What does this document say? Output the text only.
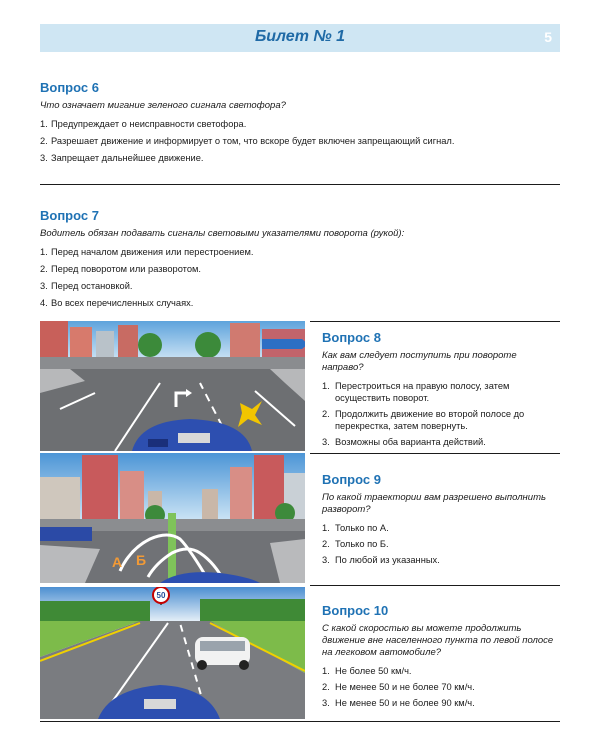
Билет № 1	5
Вопрос 6
Что означает мигание зеленого сигнала светофора?
1. Предупреждает о неисправности светофора.
2. Разрешает движение и информирует о том, что вскоре будет включен запрещающий сигнал.
3. Запрещает дальнейшее движение.
Вопрос 7
Водитель обязан подавать сигналы световыми указателями поворота (рукой):
1. Перед началом движения или перестроением.
2. Перед поворотом или разворотом.
3. Перед остановкой.
4. Во всех перечисленных случаях.
Вопрос 8
Как вам следует поступить при повороте направо?
1. Перестроиться на правую полосу, затем осуществить поворот.
2. Продолжить движение во второй полосе до перекрестка, затем повернуть.
3. Возможны оба варианта действий.
А Б
Вопрос 9
По какой траектории вам разрешено выполнить разворот?
1. Только по А.
2. Только по Б.
3. По любой из указанных.
50
Вопрос 10
С какой скоростью вы можете продолжить движение вне населенного пункта по левой полосе на легковом автомобиле?
1. Не более 50 км/ч.
2. Не менее 50 и не более 70 км/ч.
3. Не менее 50 и не более 90 км/ч.
